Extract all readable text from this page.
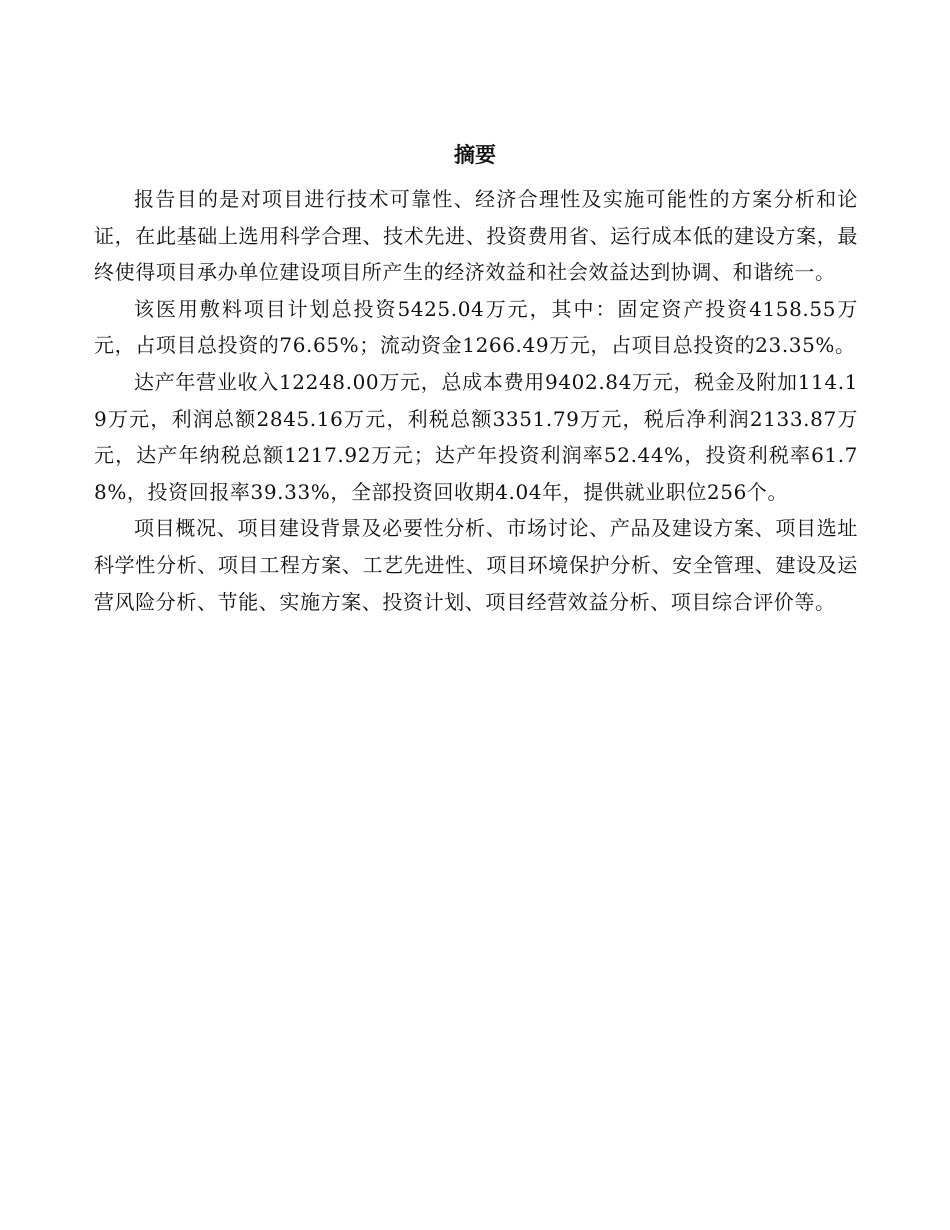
摘要

报告目的是对项目进行技术可靠性、经济合理性及实施可能性的方案分析和论证，在此基础上选用科学合理、技术先进、投资费用省、运行成本低的建设方案，最终使得项目承办单位建设项目所产生的经济效益和社会效益达到协调、和谐统一。

该医用敷料项目计划总投资5425.04万元，其中：固定资产投资4158.55万元，占项目总投资的76.65%；流动资金1266.49万元，占项目总投资的23.35%。

达产年营业收入12248.00万元，总成本费用9402.84万元，税金及附加114.19万元，利润总额2845.16万元，利税总额3351.79万元，税后净利润2133.87万元，达产年纳税总额1217.92万元；达产年投资利润率52.44%，投资利税率61.78%，投资回报率39.33%，全部投资回收期4.04年，提供就业职位256个。

项目概况、项目建设背景及必要性分析、市场讨论、产品及建设方案、项目选址科学性分析、项目工程方案、工艺先进性、项目环境保护分析、安全管理、建设及运营风险分析、节能、实施方案、投资计划、项目经营效益分析、项目综合评价等。
